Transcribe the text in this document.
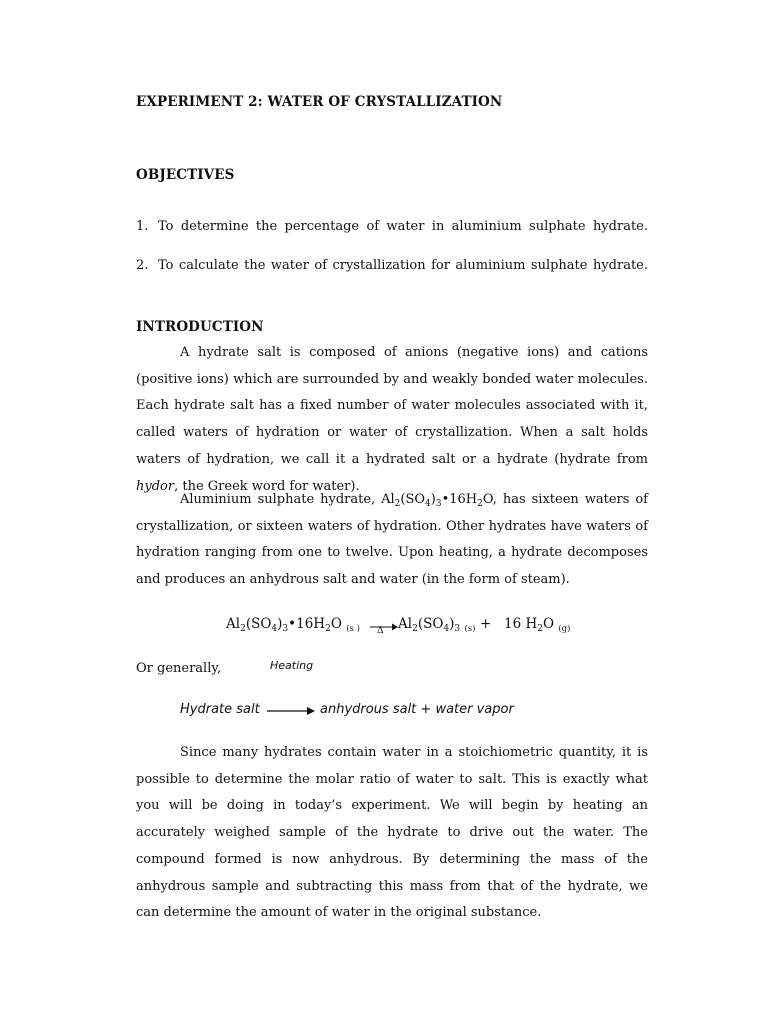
EXPERIMENT 2: WATER OF CRYSTALLIZATION
OBJECTIVES
1. To determine the percentage of water in aluminium sulphate hydrate.
2. To calculate the water of crystallization for aluminium sulphate hydrate.
INTRODUCTION

A hydrate salt is composed of anions (negative ions) and cations (positive ions) which are surrounded by and weakly bonded water molecules. Each hydrate salt has a fixed number of water molecules associated with it, called waters of hydration or water of crystallization. When a salt holds waters of hydration, we call it a hydrated salt or a hydrate (hydrate from hydor, the Greek word for water).

Aluminium sulphate hydrate, $Al_2(SO_4)_3•16H_2O$, has sixteen waters of crystallization, or sixteen waters of hydration. Other hydrates have waters of hydration ranging from one to twelve. Upon heating, a hydrate decomposes and produces an anhydrous salt and water (in the form of steam).

$Al_2(SO_4)_3•16H_2O$ $_{(s )}$ →
Δ $Al_2(SO_4)_3$ $_{(s)}$ + 16 $H_2O$ $_{(g)}$
Or generally,	Heating
Hydrate salt	anhydrous salt + water vapor

Since many hydrates contain water in a stoichiometric quantity, it is possible to determine the molar ratio of water to salt. This is exactly what you will be doing in today’s experiment. We will begin by heating an accurately weighed sample of the hydrate to drive out the water. The compound formed is now anhydrous. By determining the mass of the anhydrous sample and subtracting this mass from that of the hydrate, we can determine the amount of water in the original substance.
